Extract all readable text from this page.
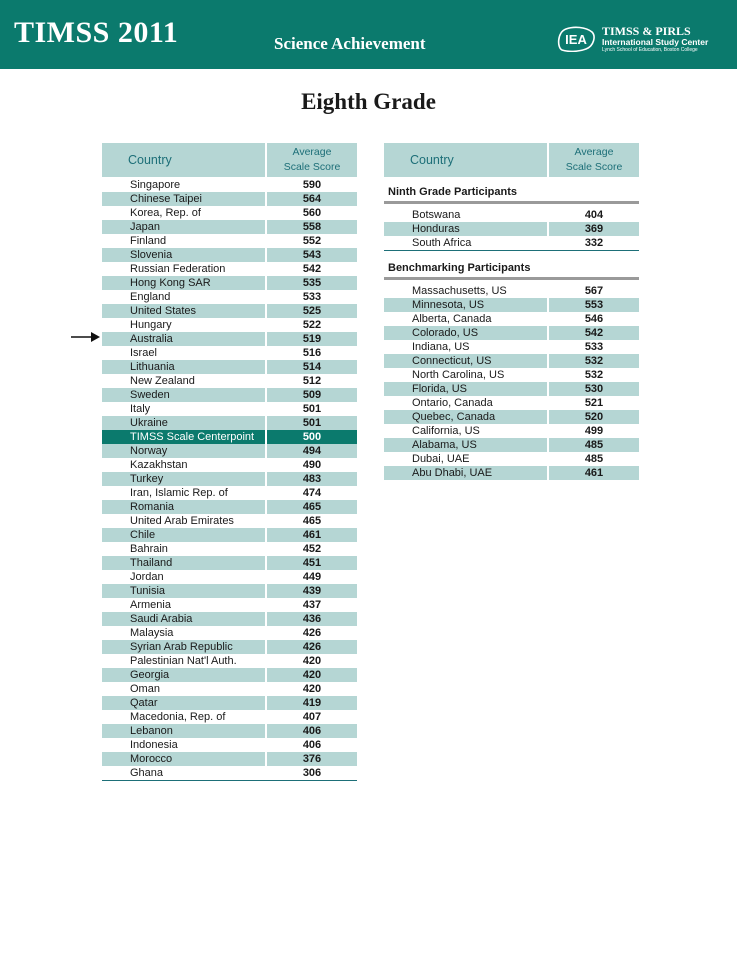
TIMSS 2011	Science Achievement	IEA
TIMSS & PIRLS
International Study Center
Lynch School of Education, Boston College
Eighth Grade
Country
Average
Scale Score
Singapore	590
Chinese Taipei	564
Korea, Rep. of	560
Japan	558
Finland	552
Slovenia	543
Russian Federation	542
Hong Kong SAR	535
England	533
United States	525
Hungary	522
Australia	519
Israel	516
Lithuania	514
New Zealand	512
Sweden	509
Italy	501
Ukraine	501
TIMSS Scale Centerpoint	500
Norway	494
Kazakhstan	490
Turkey	483
Iran, Islamic Rep. of	474
Romania	465
United Arab Emirates	465
Chile	461
Bahrain	452
Thailand	451
Jordan	449
Tunisia	439
Armenia	437
Saudi Arabia	436
Malaysia	426
Syrian Arab Republic	426
Palestinian Nat'l Auth.	420
Georgia	420
Oman	420
Qatar	419
Macedonia, Rep. of	407
Lebanon	406
Indonesia	406
Morocco	376
Ghana	306
Country
Average
Scale Score
Ninth Grade Participants
Botswana	404
Honduras	369
South Africa	332
Benchmarking Participants
Massachusetts, US	567
Minnesota, US	553
Alberta, Canada	546
Colorado, US	542
Indiana, US	533
Connecticut, US	532
North Carolina, US	532
Florida, US	530
Ontario, Canada	521
Quebec, Canada	520
California, US	499
Alabama, US	485
Dubai, UAE	485
Abu Dhabi, UAE	461
